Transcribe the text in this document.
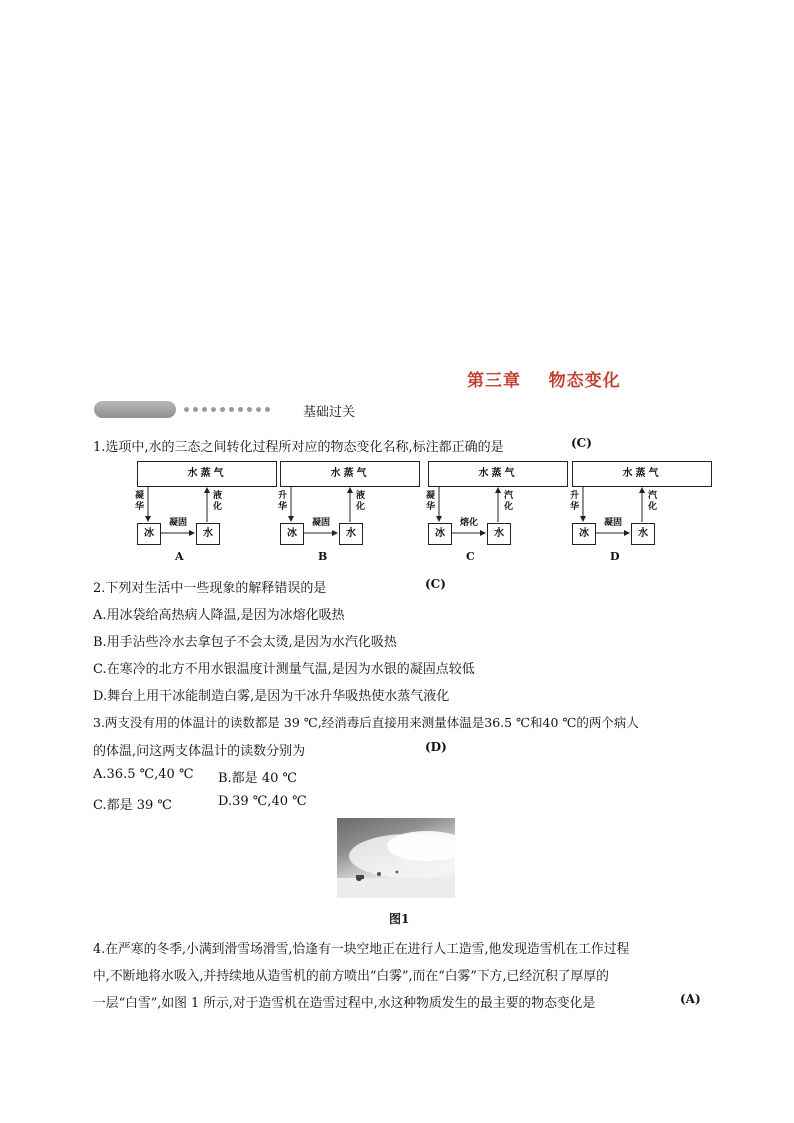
第三章    物态变化
基础过关
1.选项中,水的三态之间转化过程所对应的物态变化名称,标注都正确的是	(C)
水蒸气
冰	水
凝华
液化
凝固
A
水蒸气
冰	水
升华
液化
凝固
B
水蒸气
冰	水
凝华
汽化
熔化
C
水蒸气
冰	水
升华
汽化
凝固
D
2.下列对生活中一些现象的解释错误的是	(C)
A.用冰袋给高热病人降温,是因为冰熔化吸热
B.用手沾些冷水去拿包子不会太烫,是因为水汽化吸热
C.在寒冷的北方不用水银温度计测量气温,是因为水银的凝固点较低
D.舞台上用干冰能制造白雾,是因为干冰升华吸热使水蒸气液化
3.两支没有用的体温计的读数都是 39 ℃,经消毒后直接用来测量体温是36.5 ℃和40 ℃的两个病人
的体温,问这两支体温计的读数分别为	(D)
A.36.5 ℃,40 ℃ B.都是 40 ℃
C.都是 39 ℃	D.39 ℃,40 ℃
图1
4.在严寒的冬季,小满到滑雪场滑雪,恰逢有一块空地正在进行人工造雪,他发现造雪机在工作过程
中,不断地将水吸入,并持续地从造雪机的前方喷出“白雾”,而在“白雾”下方,已经沉积了厚厚的
一层“白雪”,如图 1 所示,对于造雪机在造雪过程中,水这种物质发生的最主要的物态变化是	(A)
